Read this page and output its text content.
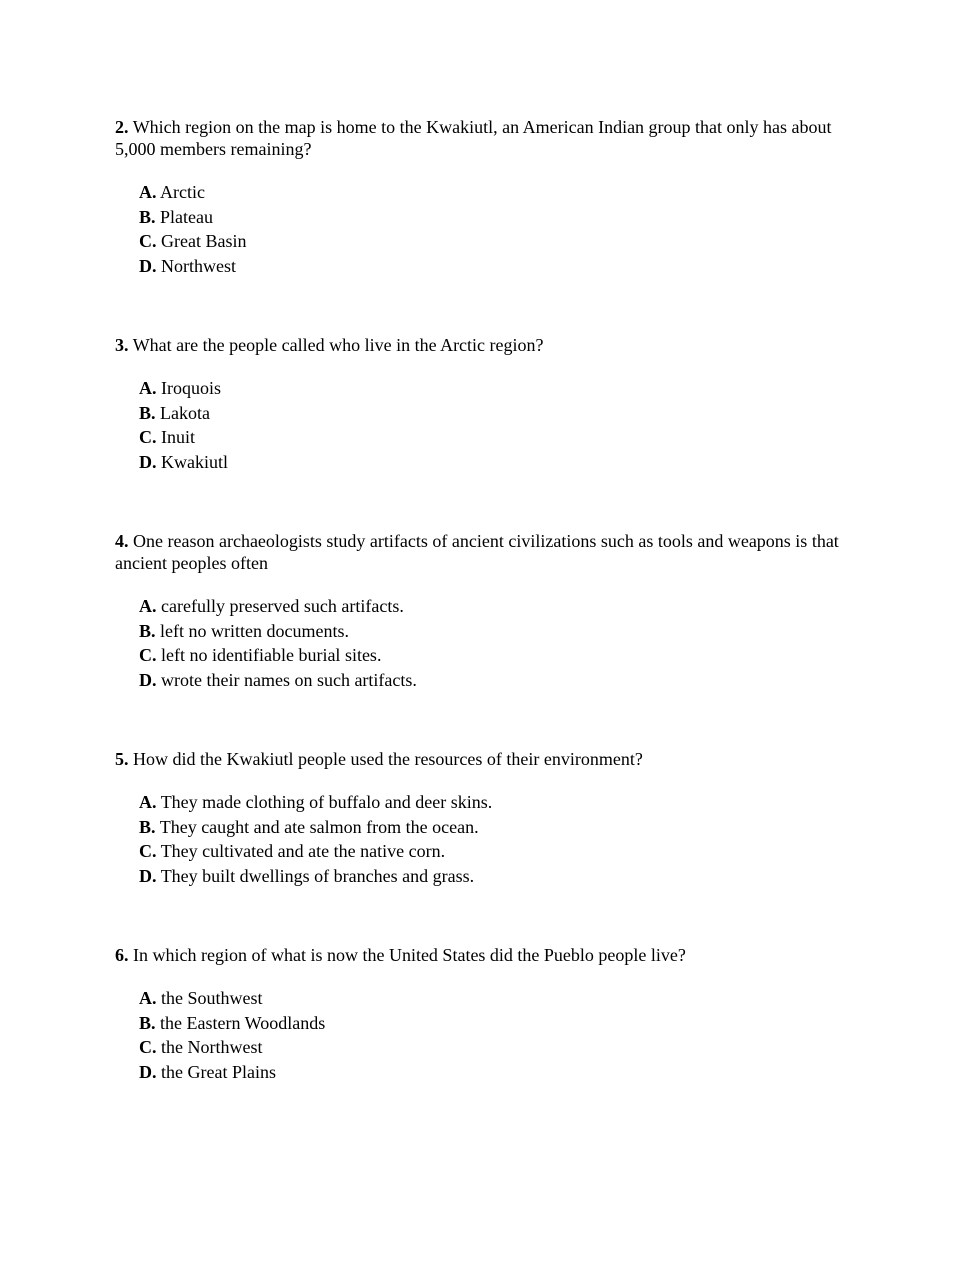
2. Which region on the map is home to the Kwakiutl, an American Indian group that only has about 5,000 members remaining?

A. Arctic
B. Plateau
C. Great Basin
D. Northwest

3. What are the people called who live in the Arctic region?

A. Iroquois
B. Lakota
C. Inuit
D. Kwakiutl

4. One reason archaeologists study artifacts of ancient civilizations such as tools and weapons is that ancient peoples often

A. carefully preserved such artifacts.
B. left no written documents.
C. left no identifiable burial sites.
D. wrote their names on such artifacts.

5. How did the Kwakiutl people used the resources of their environment?

A. They made clothing of buffalo and deer skins.
B. They caught and ate salmon from the ocean.
C. They cultivated and ate the native corn.
D. They built dwellings of branches and grass.

6. In which region of what is now the United States did the Pueblo people live?

A. the Southwest
B. the Eastern Woodlands
C. the Northwest
D. the Great Plains
